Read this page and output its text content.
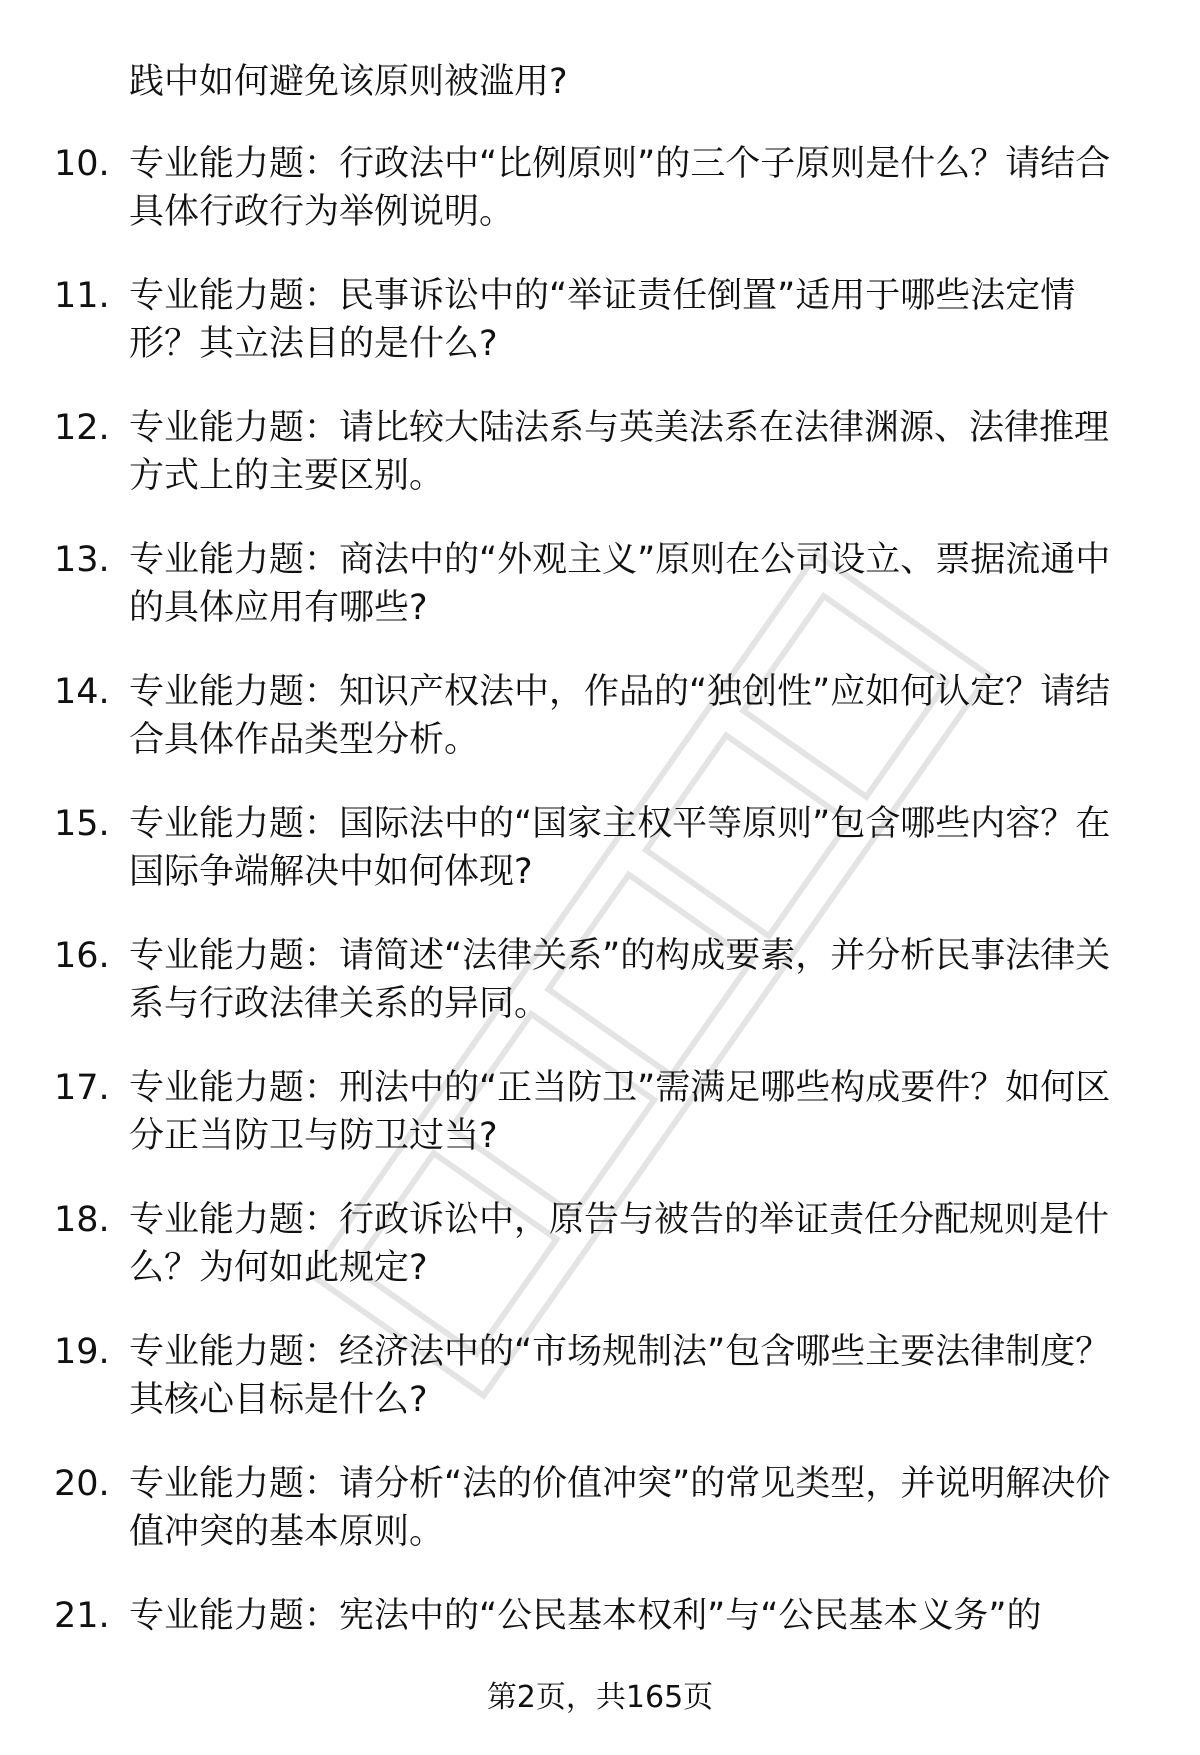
践中如何避免该原则被滥用?

10. 专业能力题：行政法中“比例原则”的三个子原则是什么？请结合具体行政行为举例说明。
11. 专业能力题：民事诉讼中的“举证责任倒置”适用于哪些法定情形？其立法目的是什么?
12. 专业能力题：请比较大陆法系与英美法系在法律渊源、法律推理方式上的主要区别。
13. 专业能力题：商法中的“外观主义”原则在公司设立、票据流通中的具体应用有哪些?
14. 专业能力题：知识产权法中，作品的“独创性”应如何认定？请结合具体作品类型分析。
15. 专业能力题：国际法中的“国家主权平等原则”包含哪些内容？在国际争端解决中如何体现?
16. 专业能力题：请简述“法律关系”的构成要素，并分析民事法律关系与行政法律关系的异同。
17. 专业能力题：刑法中的“正当防卫”需满足哪些构成要件？如何区分正当防卫与防卫过当?
18. 专业能力题：行政诉讼中，原告与被告的举证责任分配规则是什么？为何如此规定?
19. 专业能力题：经济法中的“市场规制法”包含哪些主要法律制度？其核心目标是什么?
20. 专业能力题：请分析“法的价值冲突”的常见类型，并说明解决价值冲突的基本原则。
21. 专业能力题：宪法中的“公民基本权利”与“公民基本义务”的
第2页，共165页
